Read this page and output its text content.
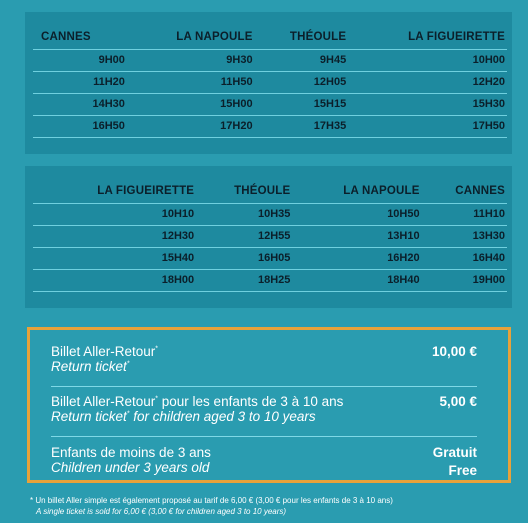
CANNES	LA NAPOULE	THÉOULE	LA FIGUEIRETTE
9H00	9H30	9H45	10H00
11H20	11H50	12H05	12H20
14H30	15H00	15H15	15H30
16H50	17H20	17H35	17H50
LA FIGUEIRETTE	THÉOULE	LA NAPOULE	CANNES
10H10	10H35	10H50	11H10
12H30	12H55	13H10	13H30
15H40	16H05	16H20	16H40
18H00	18H25	18H40	19H00
Billet Aller-Retour*
Return ticket*
10,00 €
Billet Aller-Retour* pour les enfants de 3 à 10 ans
Return ticket* for children aged 3 to 10 years
5,00 €
Enfants de moins de 3 ans
Children under 3 years old
Gratuit
Free
* Un billet Aller simple est également proposé au tarif de 6,00 € (3,00 € pour les enfants de 3 à 10 ans)
A single ticket is sold for 6,00 € (3,00 € for children aged 3 to 10 years)
